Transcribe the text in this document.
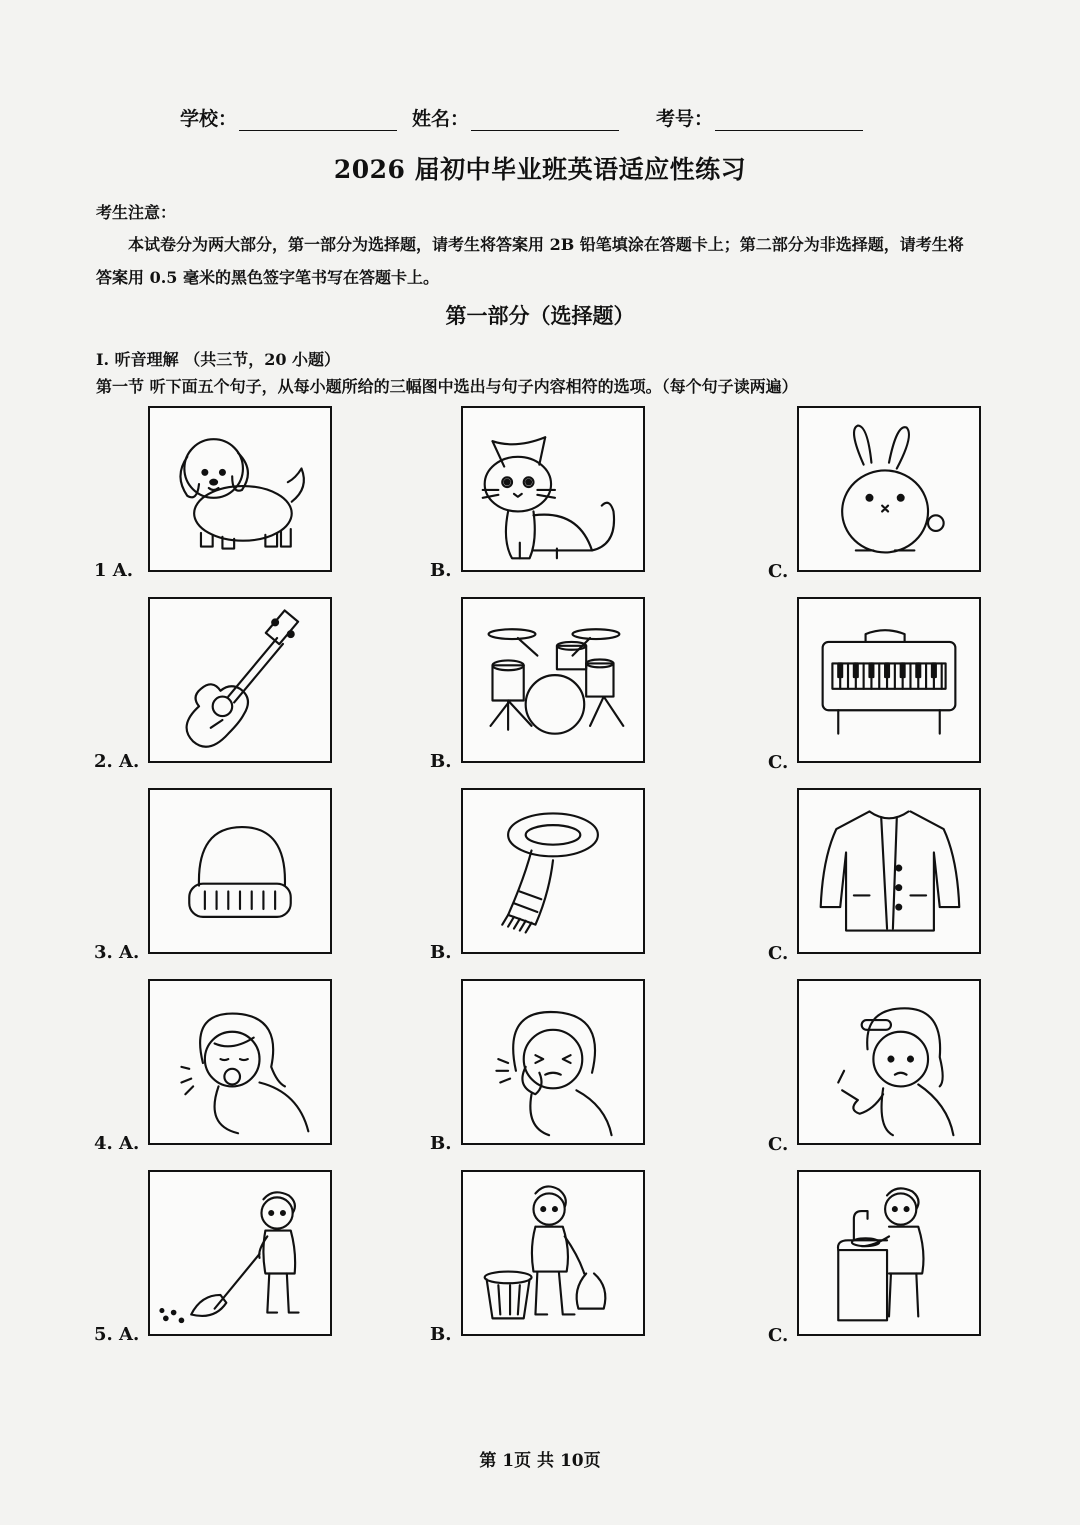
学校：	姓名：	考号：
2026 届初中毕业班英语适应性练习
考生注意：
本试卷分为两大部分，第一部分为选择题，请考生将答案用 2B 铅笔填涂在答题卡上；第二部分为非选择题，请考生将答案用 0.5 毫米的黑色签字笔书写在答题卡上。
第一部分（选择题）
I. 听音理解 （共三节，20 小题）
第一节 听下面五个句子，从每小题所给的三幅图中选出与句子内容相符的选项。（每个句子读两遍）
1 A.	B.	C.
2. A.	B.	C.
3. A.	B.	C.
4. A.	B.	C.
5. A.	B.	C.
第 1页 共 10页
